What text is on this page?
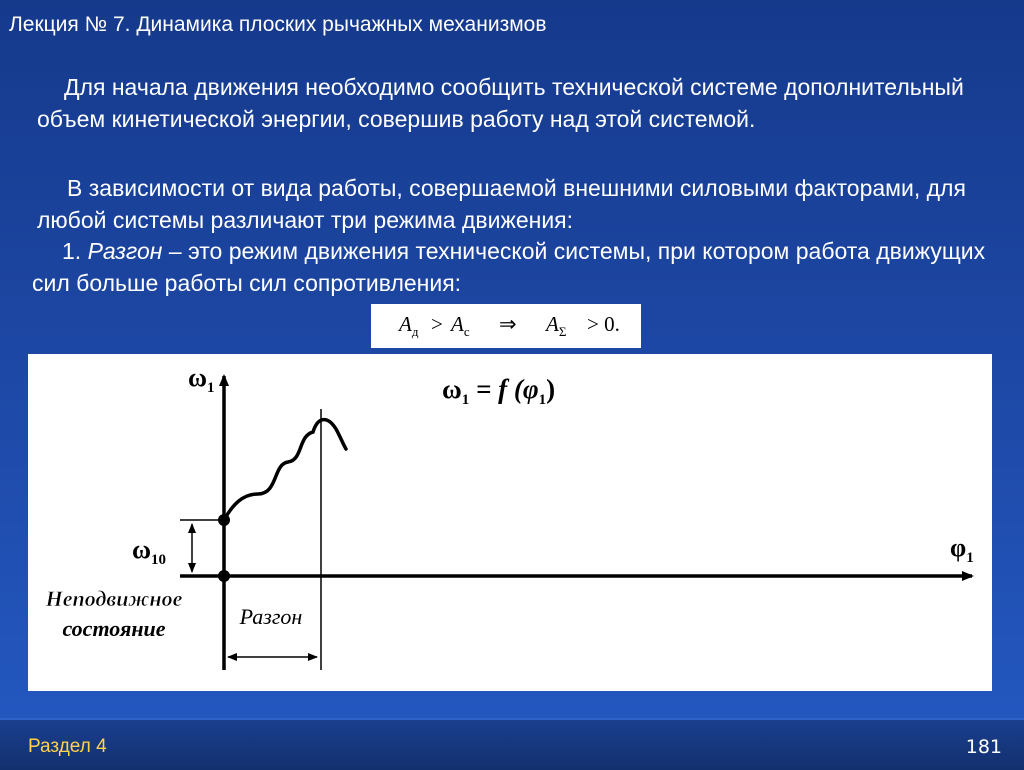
Лекция № 7. Динамика плоских рычажных механизмов
Для начала движения необходимо сообщить технической системе дополнительный объем кинетической энергии, совершив работу над этой системой.
В зависимости от вида работы, совершаемой внешними силовыми факторами, для любой системы различают три режима движения:
1. Разгон – это режим движения технической системы, при котором работа движущих сил больше работы сил сопротивления:
$A_д > A_c$ ⇒ $A_\Sigma > 0$.
$\omega_1$
$\varphi_1$
$\omega_{10}$
$\omega_1 = f$ $(\varphi_1)$
Неподвижное
состояние	Разгон
Раздел 4	181
